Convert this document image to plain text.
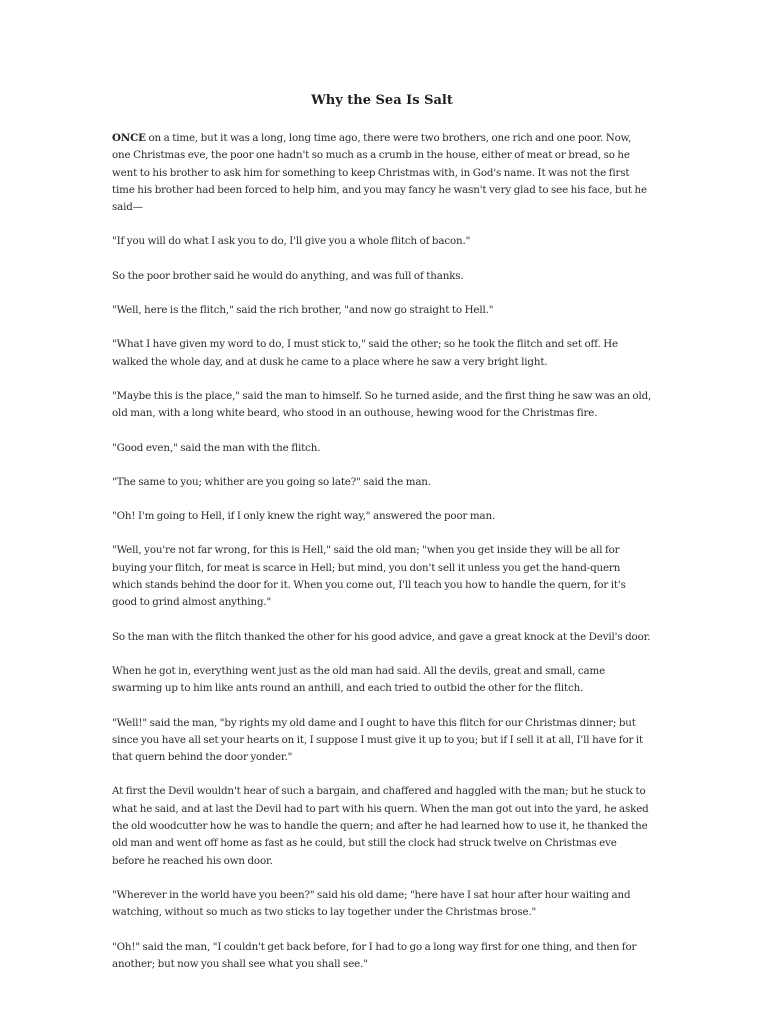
Why the Sea Is Salt

ONCE on a time, but it was a long, long time ago, there were two brothers, one rich and one poor. Now, one Christmas eve, the poor one hadn't so much as a crumb in the house, either of meat or bread, so he went to his brother to ask him for something to keep Christmas with, in God's name. It was not the first time his brother had been forced to help him, and you may fancy he wasn't very glad to see his face, but he said—

"If you will do what I ask you to do, I'll give you a whole flitch of bacon."

So the poor brother said he would do anything, and was full of thanks.

"Well, here is the flitch," said the rich brother, "and now go straight to Hell."

"What I have given my word to do, I must stick to," said the other; so he took the flitch and set off. He walked the whole day, and at dusk he came to a place where he saw a very bright light.

"Maybe this is the place," said the man to himself. So he turned aside, and the first thing he saw was an old, old man, with a long white beard, who stood in an outhouse, hewing wood for the Christmas fire.

"Good even," said the man with the flitch.

"The same to you; whither are you going so late?" said the man.

"Oh! I'm going to Hell, if I only knew the right way," answered the poor man.

"Well, you're not far wrong, for this is Hell," said the old man; "when you get inside they will be all for buying your flitch, for meat is scarce in Hell; but mind, you don't sell it unless you get the hand-quern which stands behind the door for it. When you come out, I'll teach you how to handle the quern, for it's good to grind almost anything."

So the man with the flitch thanked the other for his good advice, and gave a great knock at the Devil's door.

When he got in, everything went just as the old man had said. All the devils, great and small, came swarming up to him like ants round an anthill, and each tried to outbid the other for the flitch.

"Well!" said the man, "by rights my old dame and I ought to have this flitch for our Christmas dinner; but since you have all set your hearts on it, I suppose I must give it up to you; but if I sell it at all, I'll have for it that quern behind the door yonder."

At first the Devil wouldn't hear of such a bargain, and chaffered and haggled with the man; but he stuck to what he said, and at last the Devil had to part with his quern. When the man got out into the yard, he asked the old woodcutter how he was to handle the quern; and after he had learned how to use it, he thanked the old man and went off home as fast as he could, but still the clock had struck twelve on Christmas eve before he reached his own door.

"Wherever in the world have you been?" said his old dame; "here have I sat hour after hour waiting and watching, without so much as two sticks to lay together under the Christmas brose."

"Oh!" said the man, "I couldn't get back before, for I had to go a long way first for one thing, and then for another; but now you shall see what you shall see."
